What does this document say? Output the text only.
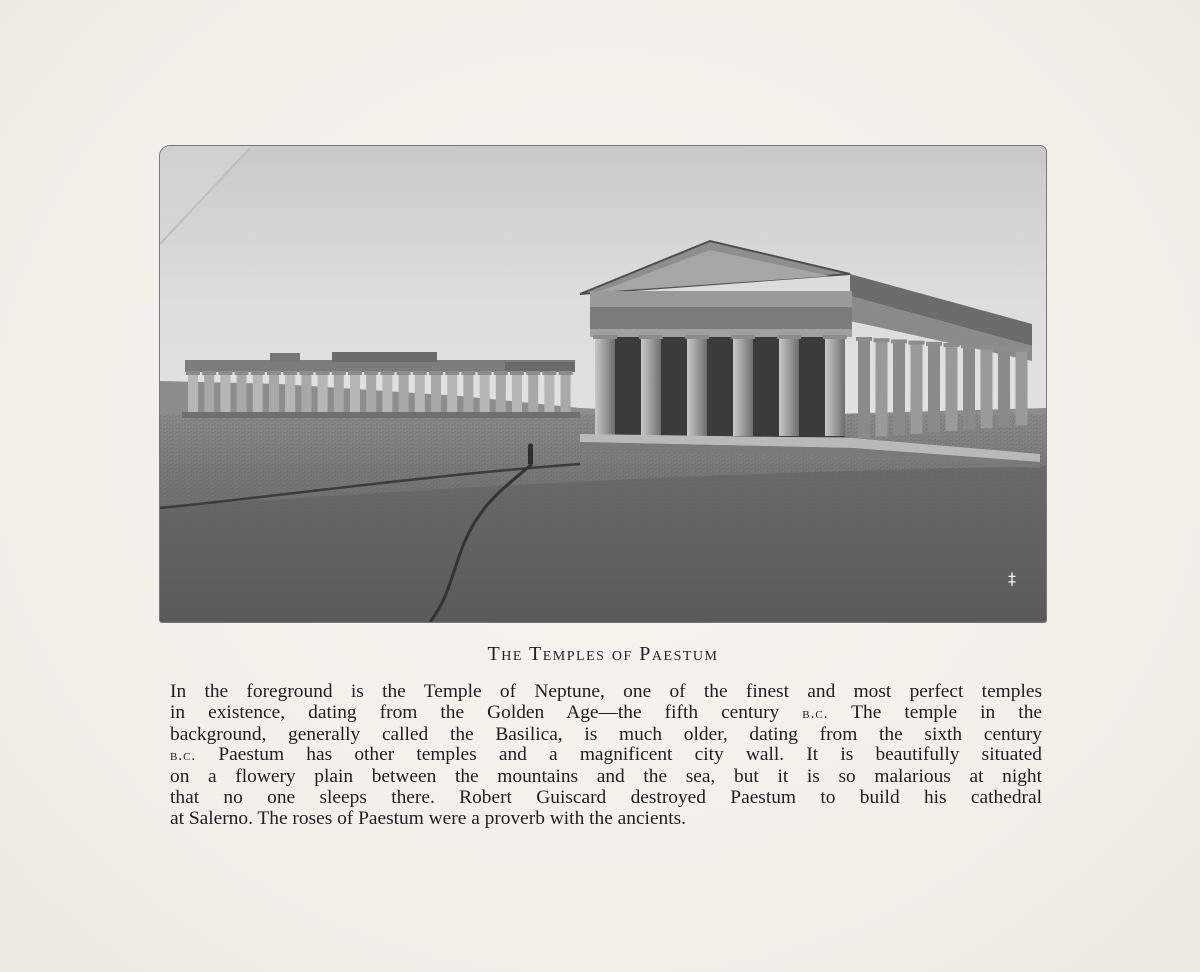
‡
The Temples of Paestum
In the foreground is the Temple of Neptune, one of the finest and most perfect temples
in existence, dating from the Golden Age—the fifth century b.c. The temple in the
background, generally called the Basilica, is much older, dating from the sixth century
b.c. Paestum has other temples and a magnificent city wall. It is beautifully situated
on a flowery plain between the mountains and the sea, but it is so malarious at night
that no one sleeps there. Robert Guiscard destroyed Paestum to build his cathedral
at Salerno. The roses of Paestum were a proverb with the ancients.
